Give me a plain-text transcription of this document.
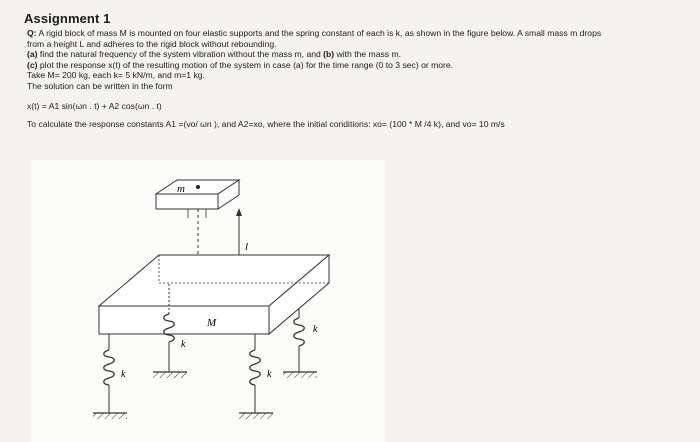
Assignment 1

Q: A rigid block of mass M is mounted on four elastic supports and the spring constant of each is k, as shown in the figure below. A small mass m drops

from a height L and adheres to the rigid block without rebounding.

(a) find the natural frequency of the system vibration without the mass m, and (b) with the mass m.

(c) plot the response x(t) of the resulting motion of the system in case (a) for the time range (0 to 3 sec) or more.

Take M= 200 kg, each k= 5 kN/m, and m=1 kg.

The solution can be written in the form

x(t) = A1 sin(ωn . t) + A2 cos(ωn . t)

To calculate the response constants A1 =(vo/ ωn ), and A2=xo, where the initial conditions: xo= (100 * M /4 k), and vo= 10 m/s

m
l
M
k
k
k
k
